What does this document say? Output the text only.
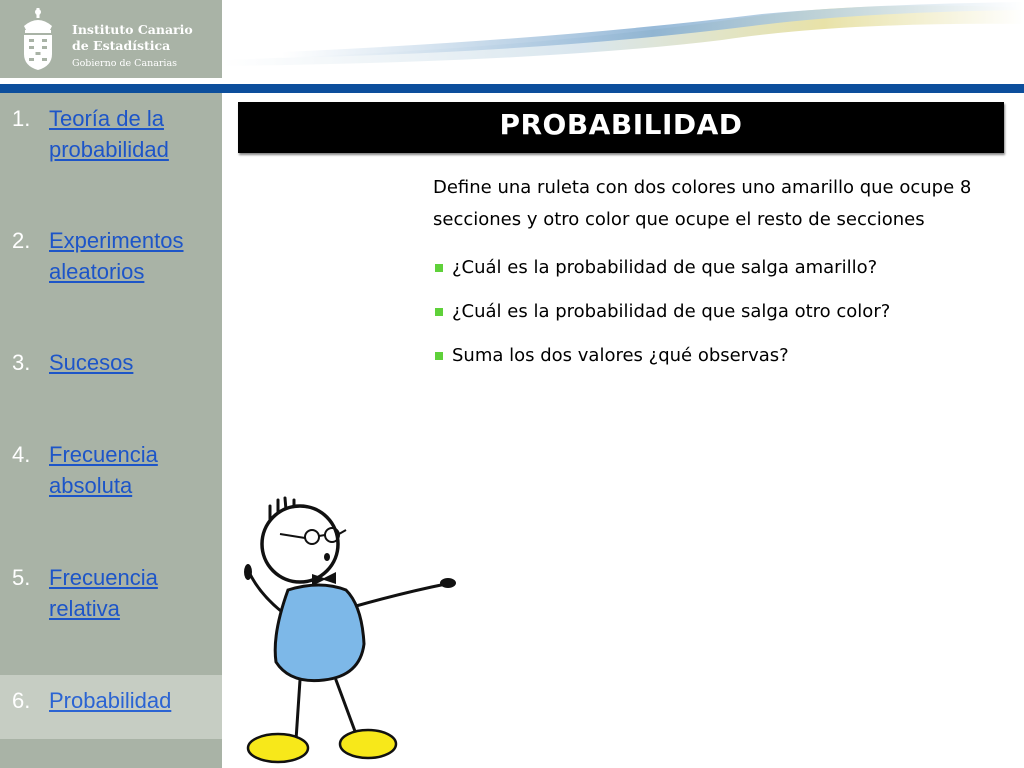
Instituto Canario
de Estadística
Gobierno de Canarias
1. Teoría de la probabilidad
2. Experimentos aleatorios
3. Sucesos
4. Frecuencia absoluta
5. Frecuencia relativa
6. Probabilidad
PROBABILIDAD

Define una ruleta con dos colores uno amarillo que ocupe 8 secciones y otro color que ocupe el resto de secciones

¿Cuál es la probabilidad de que salga amarillo?

¿Cuál es la probabilidad de que salga otro color?

Suma los dos valores ¿qué observas?
